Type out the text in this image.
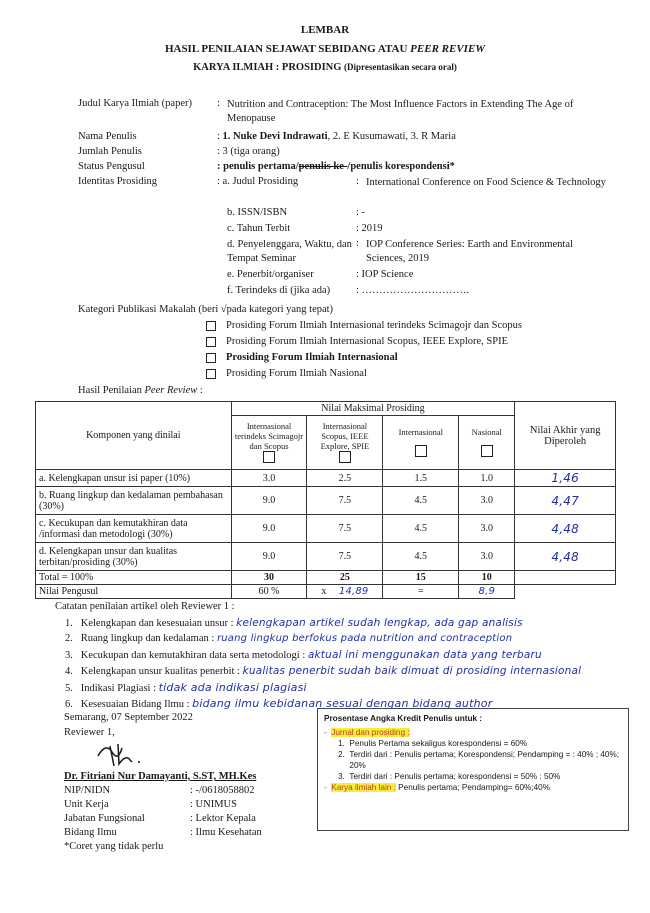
LEMBAR
HASIL PENILAIAN SEJAWAT SEBIDANG ATAU PEER REVIEW
KARYA ILMIAH : PROSIDING (Dipresentasikan secara oral)
Judul Karya Ilmiah (paper) : Nutrition and Contraception: The Most Influence Factors in Extending The Age of Menopause
Nama Penulis	: 1. Nuke Devi Indrawati, 2. E Kusumawati, 3. R Maria
Jumlah Penulis	: 3 (tiga orang)
Status Pengusul	: penulis pertama/penulis ke-/penulis korespondensi*
Identitas Prosiding	: a. Judul Prosiding	: International Conference on Food Science & Technology
b. ISSN/ISBN	: -
c. Tahun Terbit	: 2019
d. Penyelenggara, Waktu, dan Tempat Seminar
: IOP Conference Series: Earth and Environmental Sciences, 2019
e. Penerbit/organiser	: IOP Science
f. Terindeks di (jika ada) : ………………………….
Kategori Publikasi Makalah (beri √pada kategori yang tepat)
Prosiding Forum Ilmiah Internasional terindeks Scimagojr dan Scopus
Prosiding Forum Ilmiah Internasional Scopus, IEEE Explore, SPIE
Prosiding Forum Ilmiah Internasional
Prosiding Forum Ilmiah Nasional
Hasil Penilaian Peer Review :
Komponen yang dinilai	Nilai Maksimal Prosiding				Nilai Akhir yang Diperoleh

	Internasional terindeks Scimagojr dan Scopus	Internasional Scopus, IEEE Explore, SPIE	Internasional	Nasional	

a. Kelengkapan unsur isi paper (10%)	3.0	2.5	1.5	1.0	1,46
b. Ruang lingkup dan kedalaman pembahasan (30%)	9.0	7.5	4.5	3.0	4,47
c. Kecukupan dan kemutakhiran data /informasi dan metodologi (30%)	9.0	7.5	4.5	3.0	4,48
d. Kelengkapan unsur dan kualitas terbitan/prosiding (30%)	9.0	7.5	4.5	3.0	4,48
Total = 100%	30	25	15	10	
Nilai Pengusul	60 %	x 14,89	=	8,9	
Catatan penilaian artikel oleh Reviewer 1 :
1. Kelengkapan dan kesesuaian unsur : kelengkapan artikel sudah lengkap, ada gap analisis
2. Ruang lingkup dan kedalaman : ruang lingkup berfokus pada nutrition and contraception
3. Kecukupan dan kemutakhiran data serta metodologi : aktual ini menggunakan data yang terbaru
4. Kelengkapan unsur kualitas penerbit : kualitas penerbit sudah baik dimuat di prosiding internasional
5. Indikasi Plagiasi : tidak ada indikasi plagiasi
6. Kesesuaian Bidang Ilmu : bidang ilmu kebidanan sesuai dengan bidang author
Semarang, 07 September 2022
Reviewer 1,
Dr. Fitriani Nur Damayanti, S.ST, MH.Kes
NIP/NIDN	: -/0618058802
Unit Kerja	: UNIMUS
Jabatan Fungsional	: Lektor Kepala
Bidang Ilmu	: Ilmu Kesehatan
*Coret yang tidak perlu
Prosentase Angka Kredit Penulis untuk :
-  Jurnal dan prosiding :
1.  Penulis Pertama sekaligus korespondensi = 60%
2. Terdiri dari : Penulis pertama; Korespondensi; Pendamping = : 40% ; 40%; 20%
3.  Terdiri dari : Penulis pertama; korespondensi = 50% : 50%
-  Karya ilmiah lain : Penulis pertama; Pendamping= 60%;40%
